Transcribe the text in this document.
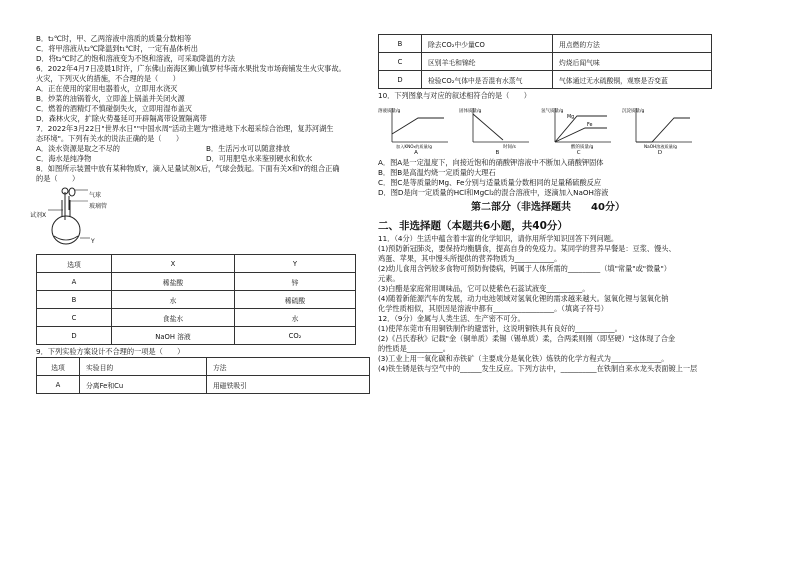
B．t₂℃时，甲、乙两溶液中溶质的质量分数相等
C．将甲溶液从t₂℃降温到t₁℃时，一定有晶体析出
D．将t₂℃时乙的饱和溶液变为不饱和溶液，可采取降温的方法
6．2022年4月7日凌晨1时许，广东佛山南海区狮山镇罗村华南水果批发市场商铺发生火灾事故。
火灾，下列灭火的措施，不合理的是（　　）
A．正在使用的家用电器着火，立即用水浇灭
B．炒菜的油锅着火，立即盖上锅盖并关闭火源
C．燃着的酒精灯不慎碰倒失火，立即用湿布盖灭
D．森林火灾，扩除火势蔓延可开辟隔离带设置隔离带
7．2022年3月22日"世界水日""中国水周"活动主题为"推进地下水超采综合治理，复苏河湖生
态环境"。下列有关水的说法正确的是（　　）
A．淡水资源是取之不尽的	B．生活污水可以随意排放
C．海水是纯净物	D．可用肥皂水来鉴别硬水和软水
8．如图所示装置中放有某种物质Y，滴入足量试剂X后，气球会鼓起。下面有关X和Y的组合正确
的是（　　）
气球
玻璃管
试剂X
Y
选项	X	Y
A	稀盐酸	锌
B	水	稀硫酸
C	食盐水	水
D	NaOH 溶液	CO₂
9．下列实验方案设计不合理的一项是（　　）
选项	实验目的	方法
A	分离Fe和Cu	用磁铁吸引
B	除去CO₂中少量CO	用点燃的方法
C	区别羊毛和锦纶	灼烧后闻气味
D	检验CO₂气体中是否混有水蒸气	气体通过无水硫酸铜，观察是否变蓝
10．下列图象与对应的叙述相符合的是（　　）
溶液质量/g
加入KNO₃的质量/g
A
固体质量/g
时间/s
B
Mg
Fe
氢气质量/g
酸的质量/g
C
沉淀质量/g
NaOH溶液质量/g
D
A．图A是一定温度下，向接近饱和的硝酸钾溶液中不断加入硝酸钾固体
B．图B是高温灼烧一定质量的大理石
C．图C是等质量的Mg、Fe分别与适量质量分数相同的足量稀硫酸反应
D．图D是向一定质量的HCl和MgCl₂的混合溶液中，逐滴加入NaOH溶液
第二部分（非选择题共　　40分）
二、非选择题（本题共6小题，共40分）
11．（4分）生活中蕴含着丰富的化学知识，请你用所学知识回答下列问题。
(1)预防新冠肺炎，要保持均衡膳食，提高自身的免疫力。某同学的营养早餐是：豆浆、馒头、
鸡蛋、苹果，其中馒头所提供的营养物质为___________。
(2)幼儿食用含钙较多食物可预防佝偻病，钙属于人体所需的_________（填"常量"或"微量"）
元素。
(3)白醋是家庭常用调味品，它可以使紫色石蕊试液变__________。
(4)随着新能源汽车的发展，动力电池领域对氢氧化锂的需求越来越大。氢氧化锂与氢氧化钠
化学性质相似，其原因是溶液中都有_________________。（填离子符号）
12．（9分）金属与人类生活、生产密不可分。
(1)使萍东莞市有用铜铁制作的避雷针，这说明铜铁具有良好的___________。
(2)《吕氏春秋》记载"金（铜单质）柔锡（锡单质）柔，合两柔则刚（即坚硬）"这体现了合金
的性质是__________。
(3)工业上用一氧化碳和赤铁矿（主要成分是氧化铁）炼铁的化学方程式为______________。
(4)铁生锈是铁与空气中的______发生反应。下列方法中，__________在铁制自来水龙头表面镀上一层
